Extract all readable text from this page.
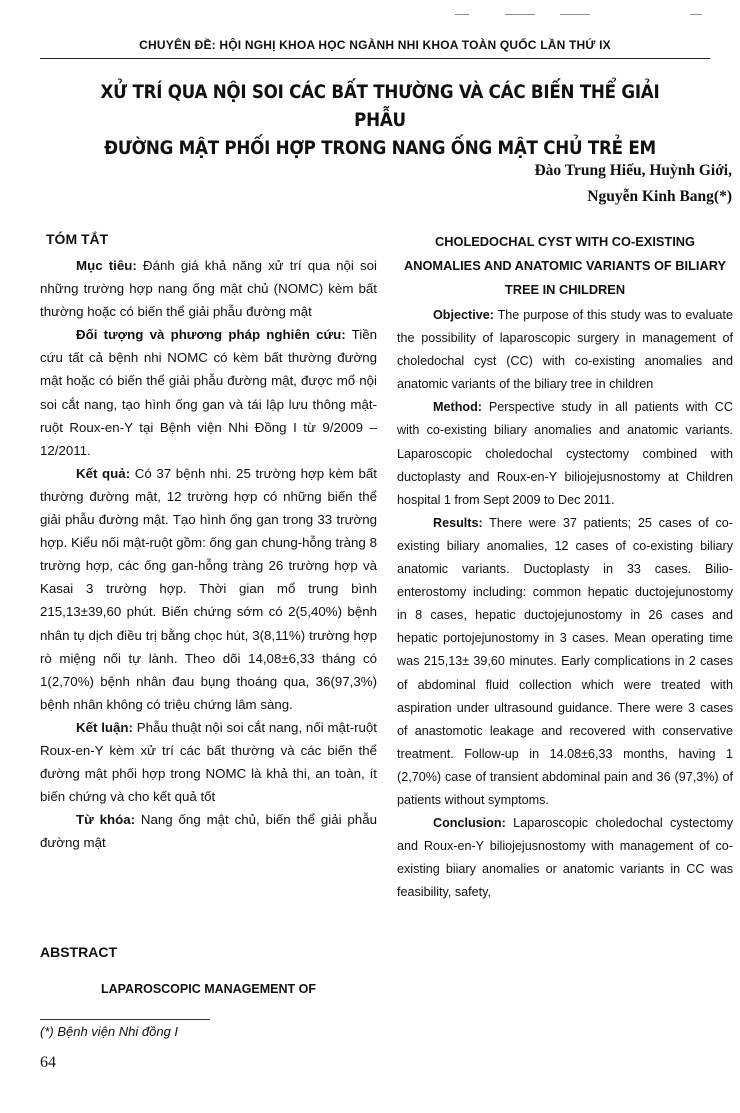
CHUYÊN ĐỀ: HỘI NGHỊ KHOA HỌC NGÀNH NHI KHOA TOÀN QUỐC LẦN THỨ IX
XỬ TRÍ QUA NỘI SOI CÁC BẤT THƯỜNG VÀ CÁC BIẾN THỂ GIẢI PHẪU
ĐƯỜNG MẬT PHỐI HỢP TRONG NANG ỐNG MẬT CHỦ TRẺ EM
Đào Trung Hiếu, Huỳnh Giới,
Nguyễn Kinh Bang(*)
TÓM TẮT

Mục tiêu: Đánh giá khả năng xử trí qua nội soi những trường hợp nang ống mật chủ (NOMC) kèm bất thường hoặc có biến thể giải phẫu đường mật

Đối tượng và phương pháp nghiên cứu: Tiền cứu tất cả bệnh nhi NOMC có kèm bất thường đường mật hoặc có biến thể giải phẫu đường mật, được mổ nội soi cắt nang, tạo hình ống gan và tái lập lưu thông mật-ruột Roux-en-Y tại Bệnh viện Nhi Đồng I từ 9/2009 – 12/2011.

Kết quả: Có 37 bệnh nhi. 25 trường hợp kèm bất thường đường mật, 12 trường hợp có những biến thể giải phẫu đường mật. Tạo hình ống gan trong 33 trường hợp. Kiểu nối mật-ruột gồm: ống gan chung-hỗng tràng 8 trường hợp, các ống gan-hỗng tràng 26 trường hợp và Kasai 3 trường hợp. Thời gian mổ trung bình 215,13±39,60 phút. Biến chứng sớm có 2(5,40%) bệnh nhân tụ dịch điều trị bằng chọc hút, 3(8,11%) trường hợp rò miệng nối tự lành. Theo dõi 14,08±6,33 tháng có 1(2,70%) bệnh nhân đau bụng thoáng qua, 36(97,3%) bệnh nhân không có triệu chứng lâm sàng.

Kết luận: Phẫu thuật nội soi cắt nang, nối mật-ruột Roux-en-Y kèm xử trí các bất thường và các biến thể đường mật phối hợp trong NOMC là khả thi, an toàn, ít biến chứng và cho kết quả tốt

Từ khóa: Nang ống mật chủ, biến thể giải phẫu đường mật

ABSTRACT
LAPAROSCOPIC MANAGEMENT OF
CHOLEDOCHAL CYST WITH CO-EXISTING ANOMALIES AND ANATOMIC VARIANTS OF BILIARY TREE IN CHILDREN

Objective: The purpose of this study was to evaluate the possibility of laparoscopic surgery in management of choledochal cyst (CC) with co-existing anomalies and anatomic variants of the biliary tree in children

Method: Perspective study in all patients with CC with co-existing biliary anomalies and anatomic variants. Laparoscopic choledochal cystectomy combined with ductoplasty and Roux-en-Y biliojejusnostomy at Children hospital 1 from Sept 2009 to Dec 2011.

Results: There were 37 patients; 25 cases of co-existing biliary anomalies, 12 cases of co-existing biliary anatomic variants. Ductoplasty in 33 cases. Bilio- enterostomy including: common hepatic ductojejunostomy in 8 cases, hepatic ductojejunostomy in 26 cases and hepatic portojejunostomy in 3 cases. Mean operating time was 215,13± 39,60 minutes. Early complications in 2 cases of abdominal fluid collection which were treated with aspiration under ultrasound guidance. There were 3 cases of anastomotic leakage and recovered with conservative treatment. Follow-up in 14.08±6,33 months, having 1 (2,70%) case of transient abdominal pain and 36 (97,3%) of patients without symptoms.

Conclusion: Laparoscopic choledochal cystectomy and Roux-en-Y biliojejusnostomy with management of co-existing biiary anomalies or anatomic variants in CC was feasibility, safety,

(*) Bệnh viện Nhi đồng I
64
